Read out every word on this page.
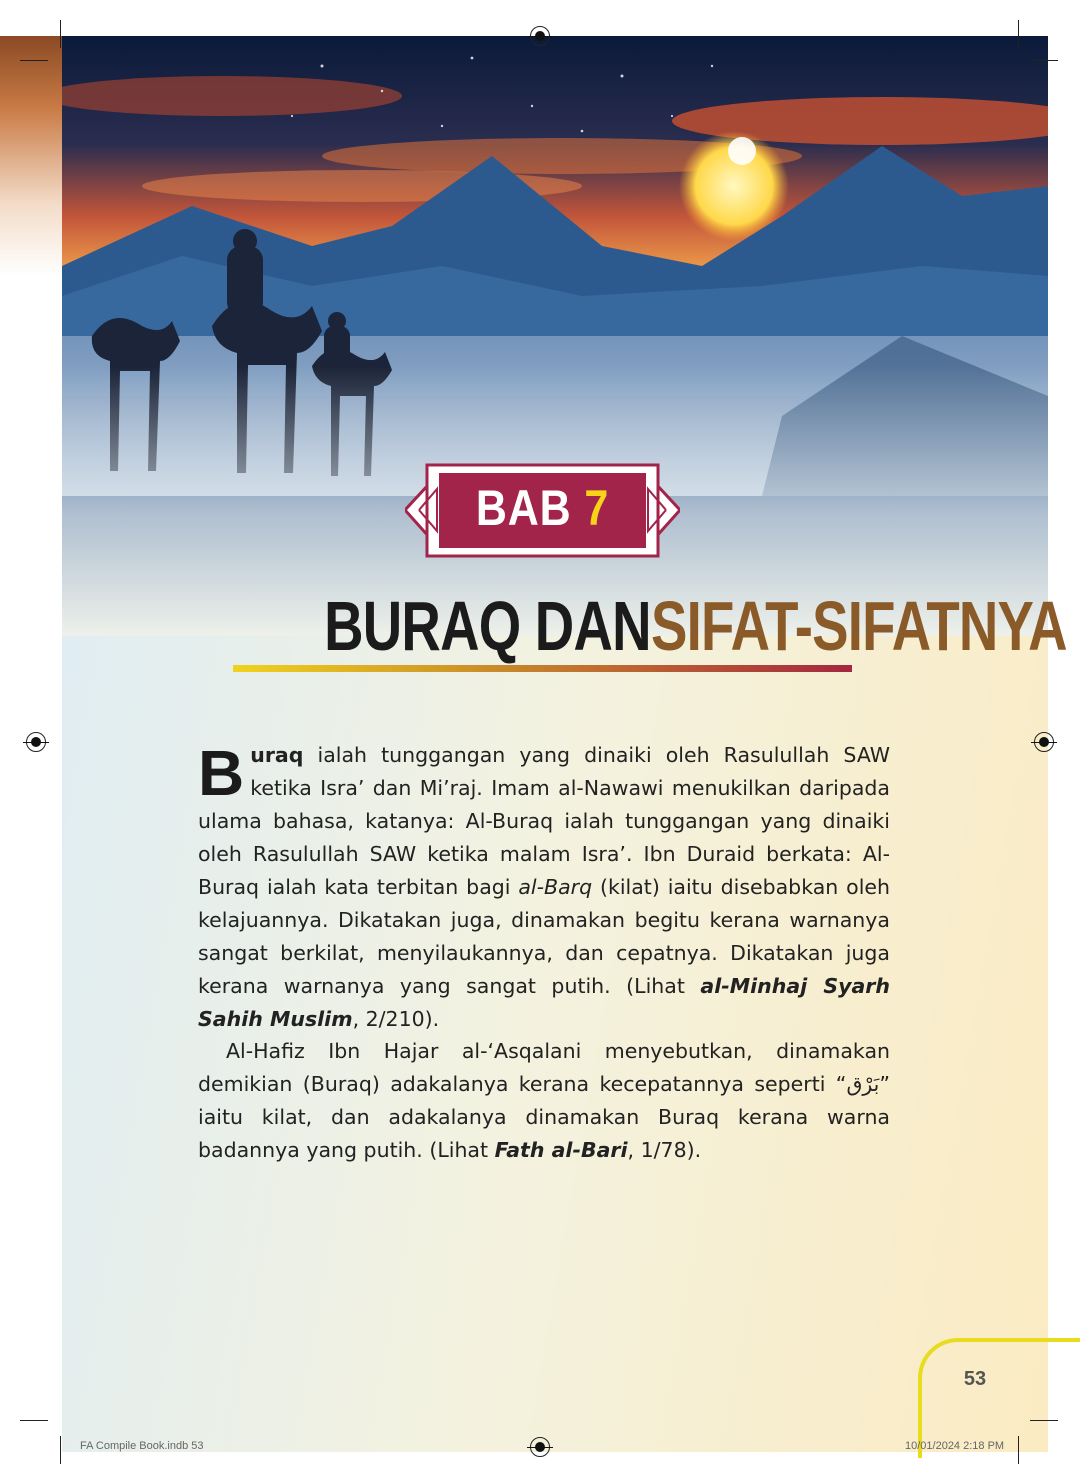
BAB 7
BURAQ DANSIFAT-SIFATNYA
Buraq ialah tunggangan yang dinaiki oleh Rasulullah SAW ketika Isra’ dan Mi’raj. Imam al-Nawawi menukilkan daripada ulama bahasa, katanya: Al-Buraq ialah tunggangan yang dinaiki oleh Rasulullah SAW ketika malam Isra’. Ibn Duraid berkata: Al-Buraq ialah kata terbitan bagi al-Barq (kilat) iaitu disebabkan oleh kelajuannya. Dikatakan juga, dinamakan begitu kerana warnanya sangat berkilat, menyilaukannya, dan cepatnya. Dikatakan juga kerana warnanya yang sangat putih. (Lihat al-Minhaj Syarh Sahih Muslim, 2/210).
Al-Hafiz Ibn Hajar al-‘Asqalani menyebutkan, dinamakan demikian (Buraq) adakalanya kerana kecepatannya seperti “بَرْق” iaitu kilat, dan adakalanya dinamakan Buraq kerana warna badannya yang putih. (Lihat Fath al-Bari, 1/78).
53
FA Compile Book.indb 53	10/01/2024 2:18 PM
